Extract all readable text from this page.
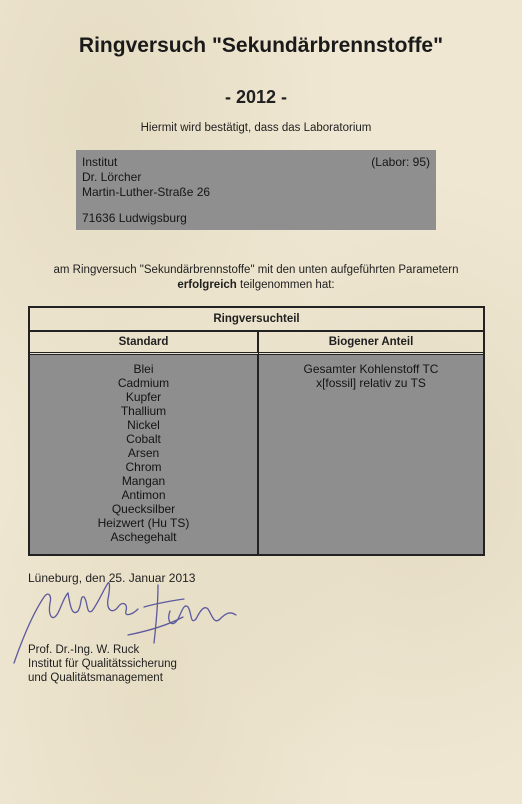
Ringversuch "Sekundärbrennstoffe"
- 2012 -
Hiermit wird bestätigt, dass das Laboratorium
Institut	(Labor: 95)
Dr. Lörcher
Martin-Luther-Straße 26
71636 Ludwigsburg
am Ringversuch "Sekundärbrennstoffe" mit den unten aufgeführten Parametern
erfolgreich teilgenommen hat:
Ringversuchteil
Standard	Biogener Anteil
Blei
Cadmium
Kupfer
Thallium
Nickel
Cobalt
Arsen
Chrom
Mangan
Antimon
Quecksilber
Heizwert (Hu TS)
Aschegehalt
Gesamter Kohlenstoff TC
x[fossil] relativ zu TS
Lüneburg, den 25. Januar 2013
Prof. Dr.-Ing. W. Ruck
Institut für Qualitätssicherung
und Qualitätsmanagement
